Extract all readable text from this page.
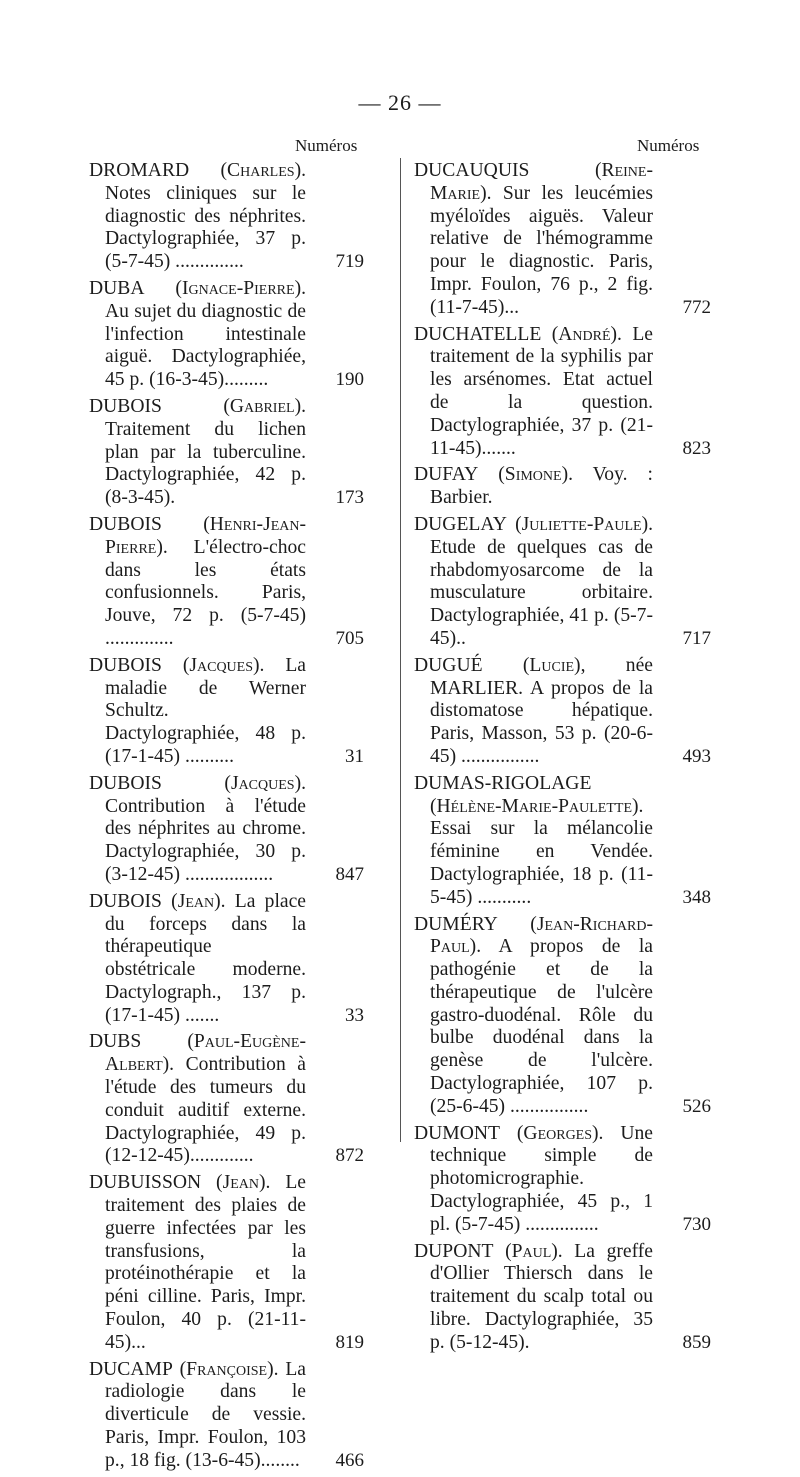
— 26 —
Numéros	Numéros
DROMARD (Charles). Notes cliniques sur le diagnostic des néphrites. Dactylographiée, 37 p. (5-7-45) ..............	719
DUBA (Ignace-Pierre). Au sujet du diagnostic de l'infection intestinale aiguë. Dactylographiée, 45 p. (16-3-45).........	190
DUBOIS (Gabriel). Traitement du lichen plan par la tuberculine. Dactylographiée, 42 p. (8-3-45).	173
DUBOIS (Henri-Jean-Pierre). L'électro-choc dans les états confusionnels. Paris, Jouve, 72 p. (5-7-45) ..............	705
DUBOIS (Jacques). La maladie de Werner Schultz. Dactylographiée, 48 p. (17-1-45) ..........	31
DUBOIS (Jacques). Contribution à l'étude des néphrites au chrome. Dactylographiée, 30 p. (3-12-45) ..................	847
DUBOIS (Jean). La place du forceps dans la thérapeutique obstétricale moderne. Dactylograph., 137 p. (17-1-45) .......	33
DUBS (Paul-Eugène-Albert). Contribution à l'étude des tumeurs du conduit auditif externe. Dactylographiée, 49 p. (12-12-45).............	872
DUBUISSON (Jean). Le traitement des plaies de guerre infectées par les transfusions, la protéinothérapie et la péni cilline. Paris, Impr. Foulon, 40 p. (21-11-45)...	819
DUCAMP (Françoise). La radiologie dans le diverticule de vessie. Paris, Impr. Foulon, 103 p., 18 fig. (13-6-45)........	466
DUCAUQUIS (Reine-Marie). Sur les leucémies myéloïdes aiguës. Valeur relative de l'hémogramme pour le diagnostic. Paris, Impr. Foulon, 76 p., 2 fig. (11-7-45)...	772
DUCHATELLE (André). Le traitement de la syphilis par les arsénomes. Etat actuel de la question. Dactylographiée, 37 p. (21-11-45).......	823
DUFAY (Simone). Voy. : Barbier.
DUGELAY (Juliette-Paule). Etude de quelques cas de rhabdomyosarcome de la musculature orbitaire. Dactylographiée, 41 p. (5-7-45)..	717
DUGUÉ (Lucie), née MARLIER. A propos de la distomatose hépatique. Paris, Masson, 53 p. (20-6-45) ................	493
DUMAS-RIGOLAGE (Hélène-Marie-Paulette). Essai sur la mélancolie féminine en Vendée. Dactylographiée, 18 p. (11-5-45) ...........	348
DUMÉRY (Jean-Richard-Paul). A propos de la pathogénie et de la thérapeutique de l'ulcère gastro-duodénal. Rôle du bulbe duodénal dans la genèse de l'ulcère. Dactylographiée, 107 p. (25-6-45) ................	526
DUMONT (Georges). Une technique simple de photomicrographie. Dactylographiée, 45 p., 1 pl. (5-7-45) ...............	730
DUPONT (Paul). La greffe d'Ollier Thiersch dans le traitement du scalp total ou libre. Dactylographiée, 35 p. (5-12-45).	859
